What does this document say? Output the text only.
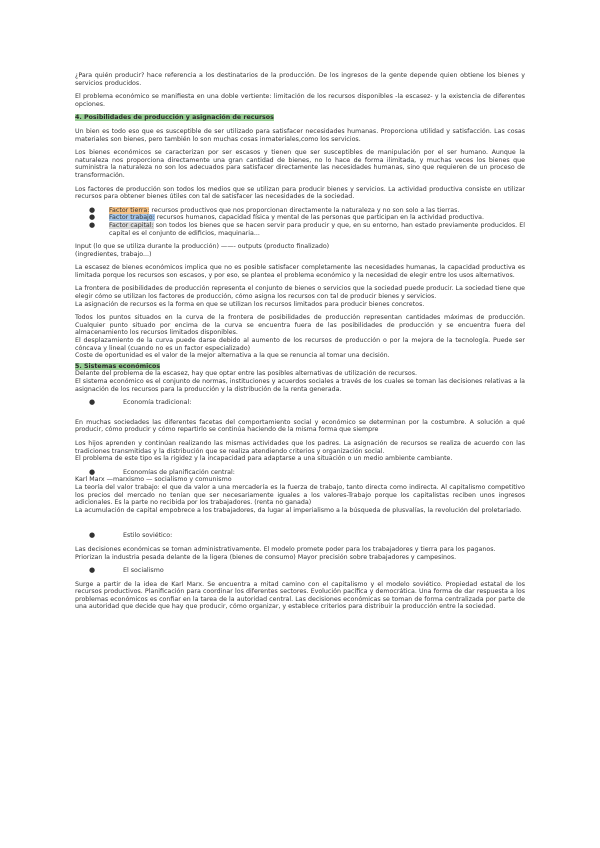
¿Para quién producir? hace referencia a los destinatarios de la producción. De los ingresos de la gente depende quien obtiene los bienes y servicios producidos.

El problema económico se manifiesta en una doble vertiente: limitación de los recursos disponibles -la escasez- y la existencia de diferentes opciones.

4. Posibilidades de producción y asignación de recursos

Un bien es todo eso que es susceptible de ser utilizado para satisfacer necesidades humanas. Proporciona utilidad y satisfacción. Las cosas materiales son bienes, pero también lo son muchas cosas inmateriales,como los servicios.

Los bienes económicos se caracterizan por ser escasos y tienen que ser susceptibles de manipulación por el ser humano. Aunque la naturaleza nos proporciona directamente una gran cantidad de bienes, no lo hace de forma ilimitada, y muchas veces los bienes que suministra la naturaleza no son los adecuados para satisfacer directamente las necesidades humanas, sino que requieren de un proceso de transformación.

Los factores de producción son todos los medios que se utilizan para producir bienes y servicios. La actividad productiva consiste en utilizar recursos para obtener bienes útiles con tal de satisfacer las necesidades de la sociedad.

● Factor tierra: recursos productivos que nos proporcionan directamente la naturaleza y no son solo a las tierras.
● Factor trabajo: recursos humanos, capacidad física y mental de las personas que participan en la actividad productiva.
● Factor capital: son todos los bienes que se hacen servir para producir y que, en su entorno, han estado previamente producidos. El capital es el conjunto de edificios, maquinaria...

Input (lo que se utiliza durante la producción) ——- outputs (producto finalizado)

(ingredientes, trabajo...)

La escasez de bienes económicos implica que no es posible satisfacer completamente las necesidades humanas, la capacidad productiva es limitada porque los recursos son escasos, y por eso, se plantea el problema económico y la necesidad de elegir entre los usos alternativos.

La frontera de posibilidades de producción representa el conjunto de bienes o servicios que la sociedad puede producir. La sociedad tiene que elegir cómo se utilizan los factores de producción, cómo asigna los recursos con tal de producir bienes y servicios.

La asignación de recursos es la forma en que se utilizan los recursos limitados para producir bienes concretos.

Todos los puntos situados en la curva de la frontera de posibilidades de producción representan cantidades máximas de producción. Cualquier punto situado por encima de la curva se encuentra fuera de las posibilidades de producción y se encuentra fuera del almacenamiento los recursos limitados disponibles.

El desplazamiento de la curva puede darse debido al aumento de los recursos de producción o por la mejora de la tecnología. Puede ser cóncava y lineal (cuando no es un factor especializado)

Coste de oportunidad es el valor de la mejor alternativa a la que se renuncia al tomar una decisión.

5. Sistemas económicos

Delante del problema de la escasez, hay que optar entre las posibles alternativas de utilización de recursos.

El sistema económico es el conjunto de normas, instituciones y acuerdos sociales a través de los cuales se toman las decisiones relativas a la asignación de los recursos para la producción y la distribución de la renta generada.

●	Economía tradicional:

En muchas sociedades las diferentes facetas del comportamiento social y económico se determinan por la costumbre. A solución a qué producir, cómo producir y cómo repartirlo se continúa haciendo de la misma forma que siempre

Los hijos aprenden y continúan realizando las mismas actividades que los padres. La asignación de recursos se realiza de acuerdo con las tradiciones transmitidas y la distribución que se realiza atendiendo criterios y organización social.

El problema de este tipo es la rigidez y la incapacidad para adaptarse a una situación o un medio ambiente cambiante.

●	Economías de planificación central:

Karl Marx —marxismo — socialismo y comunismo

La teoría del valor trabajo: el que da valor a una mercadería es la fuerza de trabajo, tanto directa como indirecta. Al capitalismo competitivo los precios del mercado no tenían que ser necesariamente iguales a los valores-Trabajo porque los capitalistas reciben unos ingresos adicionales. Es la parte no recibida por los trabajadores. (renta no ganada)

La acumulación de capital empobrece a los trabajadores, da lugar al imperialismo a la búsqueda de plusvalías, la revolución del proletariado.

●	Estilo soviético:

Las decisiones económicas se toman administrativamente. El modelo promete poder para los trabajadores y tierra para los paganos.

Priorizan la industria pesada delante de la ligera (bienes de consumo) Mayor precisión sobre trabajadores y campesinos.

●	El socialismo

Surge a partir de la idea de Karl Marx. Se encuentra a mitad camino con el capitalismo y el modelo soviético. Propiedad estatal de los recursos productivos. Planificación para coordinar los diferentes sectores. Evolución pacífica y democrática. Una forma de dar respuesta a los problemas económicos es confiar en la tarea de la autoridad central. Las decisiones económicas se toman de forma centralizada por parte de una autoridad que decide que hay que producir, cómo organizar, y establece criterios para distribuir la producción entre la sociedad.
